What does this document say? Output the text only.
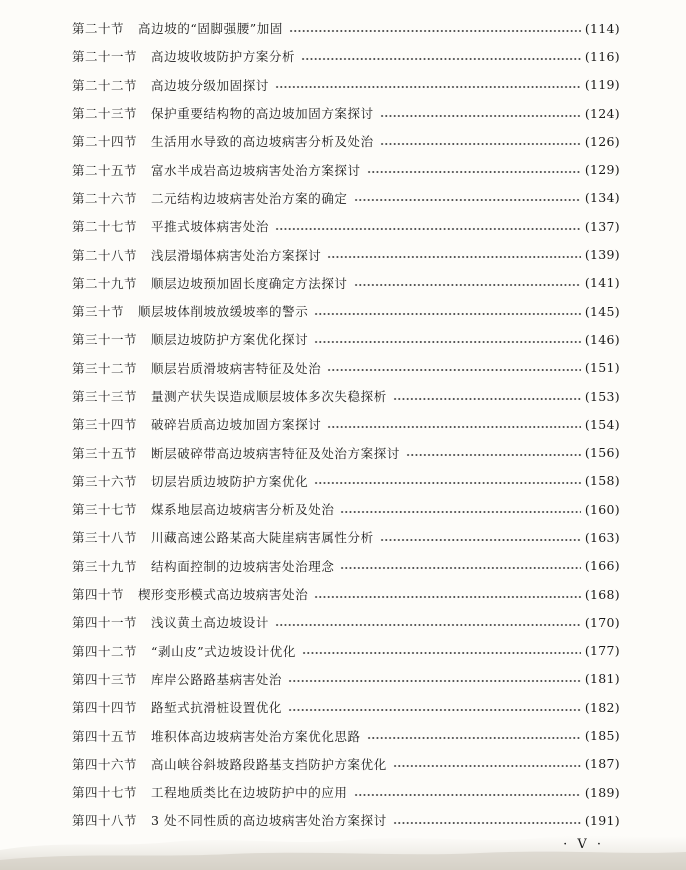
第二十节 高边坡的“固脚强腰”加固	(114)
第二十一节 高边坡收坡防护方案分析	(116)
第二十二节 高边坡分级加固探讨	(119)
第二十三节 保护重要结构物的高边坡加固方案探讨	(124)
第二十四节 生活用水导致的高边坡病害分析及处治	(126)
第二十五节 富水半成岩高边坡病害处治方案探讨	(129)
第二十六节 二元结构边坡病害处治方案的确定	(134)
第二十七节 平推式坡体病害处治	(137)
第二十八节 浅层滑塌体病害处治方案探讨	(139)
第二十九节 顺层边坡预加固长度确定方法探讨	(141)
第三十节 顺层坡体削坡放缓坡率的警示	(145)
第三十一节 顺层边坡防护方案优化探讨	(146)
第三十二节 顺层岩质滑坡病害特征及处治	(151)
第三十三节 量测产状失误造成顺层坡体多次失稳探析	(153)
第三十四节 破碎岩质高边坡加固方案探讨	(154)
第三十五节 断层破碎带高边坡病害特征及处治方案探讨	(156)
第三十六节 切层岩质边坡防护方案优化	(158)
第三十七节 煤系地层高边坡病害分析及处治	(160)
第三十八节 川藏高速公路某高大陡崖病害属性分析	(163)
第三十九节 结构面控制的边坡病害处治理念	(166)
第四十节 楔形变形模式高边坡病害处治	(168)
第四十一节 浅议黄土高边坡设计	(170)
第四十二节 “剥山皮”式边坡设计优化	(177)
第四十三节 库岸公路路基病害处治	(181)
第四十四节 路堑式抗滑桩设置优化	(182)
第四十五节 堆积体高边坡病害处治方案优化思路	(185)
第四十六节 高山峡谷斜坡路段路基支挡防护方案优化	(187)
第四十七节 工程地质类比在边坡防护中的应用	(189)
第四十八节 3 处不同性质的高边坡病害处治方案探讨	(191)
· V ·
